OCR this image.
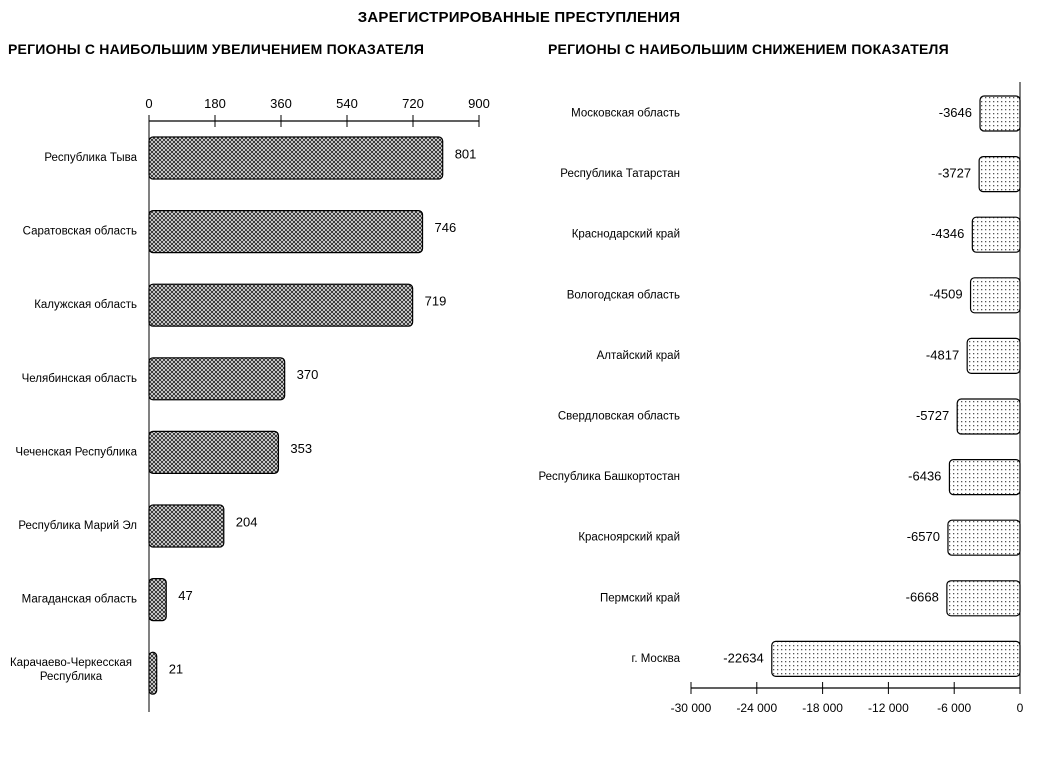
ЗАРЕГИСТРИРОВАННЫЕ ПРЕСТУПЛЕНИЯ
РЕГИОНЫ С НАИБОЛЬШИМ УВЕЛИЧЕНИЕМ ПОКАЗАТЕЛЯ	РЕГИОНЫ С НАИБОЛЬШИМ СНИЖЕНИЕМ ПОКАЗАТЕЛЯ
0	180	360	540	720	900
801
Республика Тыва
746
Саратовская область
719
Калужская область
370
Челябинская область
353
Чеченская Республика
204
Республика Марий Эл
47
Магаданская область
21
Карачаево-Черкесская Республика
-30 000 -24 000 -18 000 -12 000 -6 000	0
-3646
Московская область
-3727
Республика Татарстан
-4346
Краснодарский край
-4509
Вологодская область
-4817
Алтайский край
-5727
Свердловская область
-6436
Республика Башкортостан
-6570
Красноярский край
-6668
Пермский край
-22634
г. Москва
